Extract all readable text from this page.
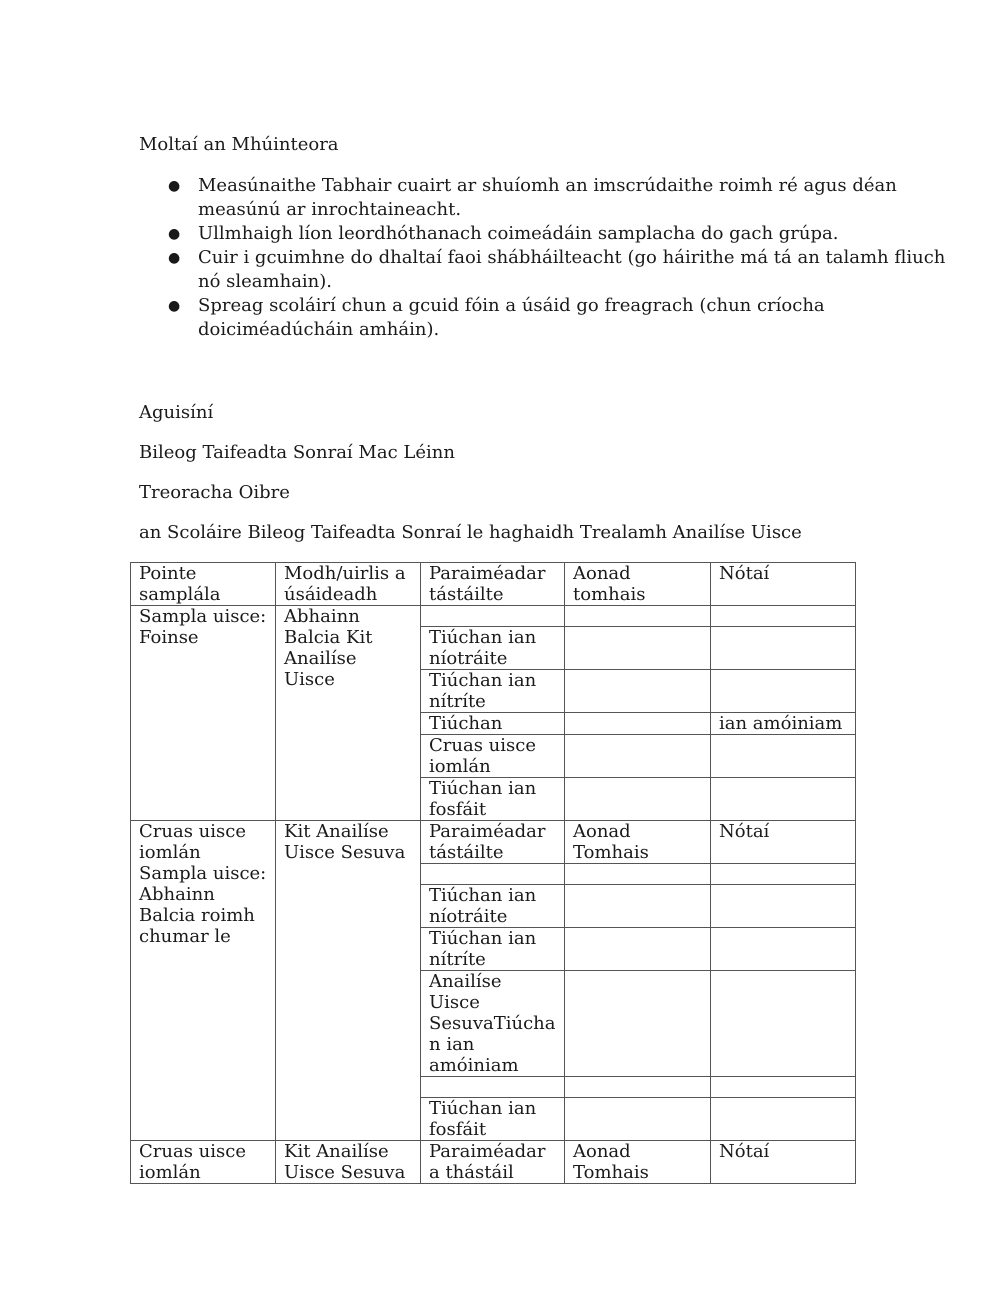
Moltaí an Mhúinteora
● Measúnaithe Tabhair cuairt ar shuíomh an imscrúdaithe roimh ré agus déan measúnú ar inrochtaineacht.
● Ullmhaigh líon leordhóthanach coimeádáin samplacha do gach grúpa.
● Cuir i gcuimhne do dhaltaí faoi shábháilteacht (go háirithe má tá an talamh fliuch nó sleamhain).
● Spreag scoláirí chun a gcuid fóin a úsáid go freagrach (chun críocha doiciméadúcháin amháin).

Aguisíní

Bileog Taifeadta Sonraí Mac Léinn

Treoracha Oibre

an Scoláire Bileog Taifeadta Sonraí le haghaidh Trealamh Anailíse Uisce

Pointe samplála	Modh/uirlis a úsáideadh	Paraiméadar tástáilte	Aonad tomhais	Nótaí
Sampla uisce: Foinse	Abhainn Balcia Kit Anailíse Uisce			
		Tiúchan ian níotráite		
		Tiúchan ian nítríte		
		Tiúchan		ian amóiniam
		Cruas uisce iomlán		
		Tiúchan ian fosfáit		
Cruas uisce iomlán Sampla uisce: Abhainn Balcia roimh chumar le	Kit Anailíse Uisce Sesuva	Paraiméadar tástáilte	Aonad Tomhais	Nótaí

		Tiúchan ian níotráite		
		Tiúchan ian nítríte		
		Anailíse Uisce SesuvaTiúchan ian amóiniam		

		Tiúchan ian fosfáit		
Cruas uisce iomlán	Kit Anailíse Uisce Sesuva	Paraiméadar a thástáil	Aonad Tomhais	Nótaí
